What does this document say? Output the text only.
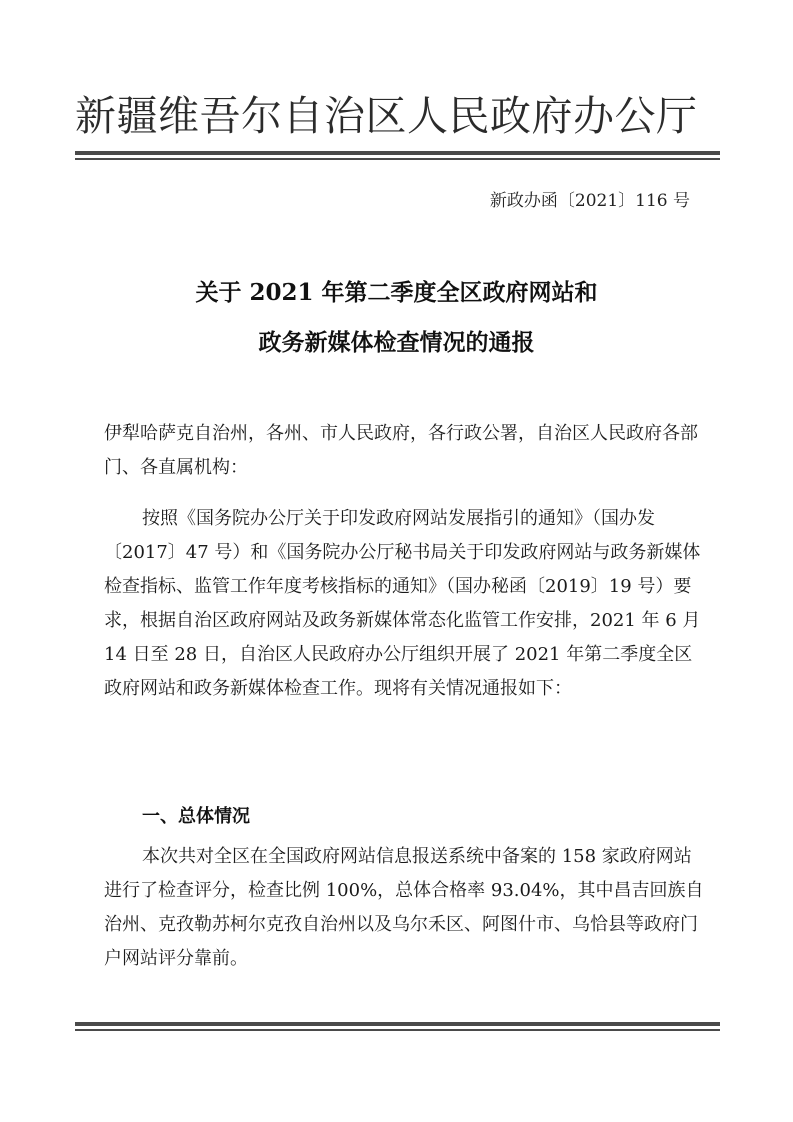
新疆维吾尔自治区人民政府办公厅
新政办函〔2021〕116 号
关于 2021 年第二季度全区政府网站和
政务新媒体检查情况的通报
伊犁哈萨克自治州，各州、市人民政府，各行政公署，自治区人民政府各部门、各直属机构：
按照《国务院办公厅关于印发政府网站发展指引的通知》（国办发〔2017〕47 号）和《国务院办公厅秘书局关于印发政府网站与政务新媒体检查指标、监管工作年度考核指标的通知》（国办秘函〔2019〕19 号）要求，根据自治区政府网站及政务新媒体常态化监管工作安排，2021 年 6 月 14 日至 28 日，自治区人民政府办公厅组织开展了 2021 年第二季度全区政府网站和政务新媒体检查工作。现将有关情况通报如下：
一、总体情况
本次共对全区在全国政府网站信息报送系统中备案的 158 家政府网站进行了检查评分，检查比例 100%，总体合格率 93.04%，其中昌吉回族自治州、克孜勒苏柯尔克孜自治州以及乌尔禾区、阿图什市、乌恰县等政府门户网站评分靠前。
